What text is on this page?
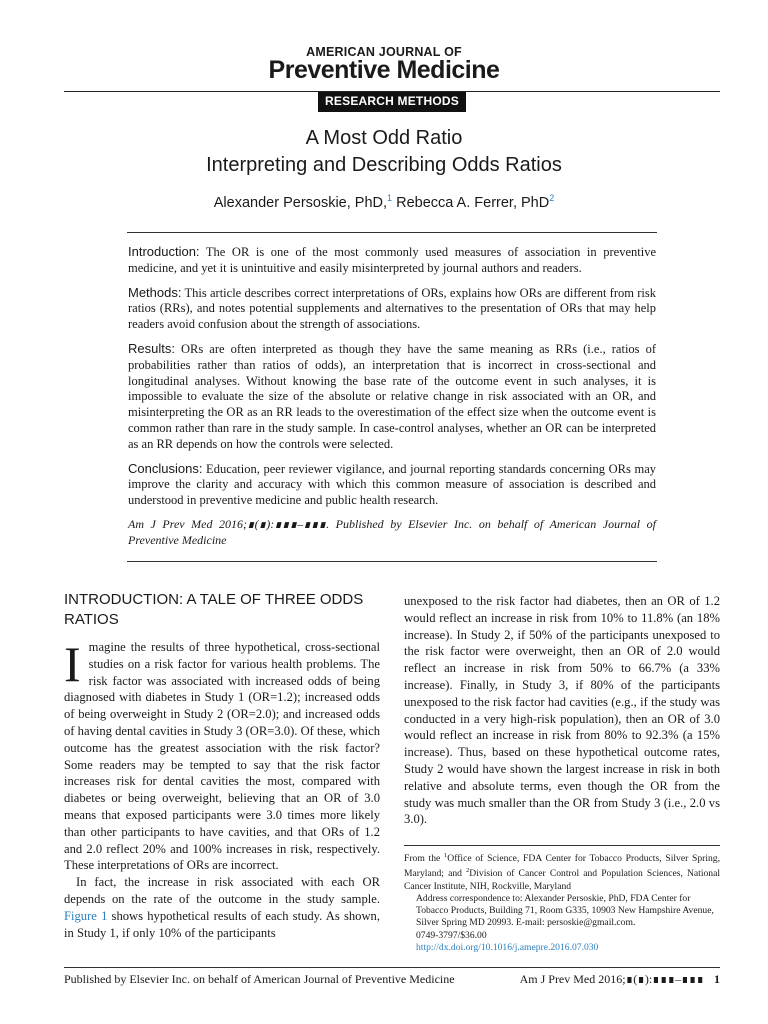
AMERICAN JOURNAL OF
Preventive Medicine
RESEARCH METHODS
A Most Odd Ratio
Interpreting and Describing Odds Ratios
Alexander Persoskie, PhD,$^1$ Rebecca A. Ferrer, PhD$^2$

Introduction: The OR is one of the most commonly used measures of association in preventive medicine, and yet it is unintuitive and easily misinterpreted by journal authors and readers.

Methods: This article describes correct interpretations of ORs, explains how ORs are different from risk ratios (RRs), and notes potential supplements and alternatives to the presentation of ORs that may help readers avoid confusion about the strength of associations.

Results: ORs are often interpreted as though they have the same meaning as RRs (i.e., ratios of probabilities rather than ratios of odds), an interpretation that is incorrect in cross-sectional and longitudinal analyses. Without knowing the base rate of the outcome event in such analyses, it is impossible to evaluate the size of the absolute or relative change in risk associated with an OR, and misinterpreting the OR as an RR leads to the overestimation of the effect size when the outcome event is common rather than rare in the study sample. In case-control analyses, whether an OR can be interpreted as an RR depends on how the controls were selected.

Conclusions: Education, peer reviewer vigilance, and journal reporting standards concerning ORs may improve the clarity and accuracy with which this common measure of association is described and understood in preventive medicine and public health research.

Am J Prev Med 2016;∎(∎):∎∎∎–∎∎∎. Published by Elsevier Inc. on behalf of American Journal of Preventive Medicine

INTRODUCTION: A TALE OF THREE ODDS RATIOS

Imagine the results of three hypothetical, cross-sectional studies on a risk factor for various health problems. The risk factor was associated with increased odds of being diagnosed with diabetes in Study 1 (OR=1.2); increased odds of being overweight in Study 2 (OR=2.0); and increased odds of having dental cavities in Study 3 (OR=3.0). Of these, which outcome has the greatest association with the risk factor? Some readers may be tempted to say that the risk factor increases risk for dental cavities the most, compared with diabetes or being overweight, believing that an OR of 3.0 means that exposed participants were 3.0 times more likely than other participants to have cavities, and that ORs of 1.2 and 2.0 reflect 20% and 100% increases in risk, respectively. These interpretations of ORs are incorrect.

In fact, the increase in risk associated with each OR depends on the rate of the outcome in the study sample. Figure 1 shows hypothetical results of each study. As shown, in Study 1, if only 10% of the participants

unexposed to the risk factor had diabetes, then an OR of 1.2 would reflect an increase in risk from 10% to 11.8% (an 18% increase). In Study 2, if 50% of the participants unexposed to the risk factor were overweight, then an OR of 2.0 would reflect an increase in risk from 50% to 66.7% (a 33% increase). Finally, in Study 3, if 80% of the participants unexposed to the risk factor had cavities (e.g., if the study was conducted in a very high-risk population), then an OR of 3.0 would reflect an increase in risk from 80% to 92.3% (a 15% increase). Thus, based on these hypothetical outcome rates, Study 2 would have shown the largest increase in risk in both relative and absolute terms, even though the OR from the study was much smaller than the OR from Study 3 (i.e., 2.0 vs 3.0).

From the $^1$Office of Science, FDA Center for Tobacco Products, Silver Spring, Maryland; and $^2$Division of Cancer Control and Population Sciences, National Cancer Institute, NIH, Rockville, Maryland

Address correspondence to: Alexander Persoskie, PhD, FDA Center for Tobacco Products, Building 71, Room G335, 10903 New Hampshire Avenue, Silver Spring MD 20993. E-mail: persoskie@gmail.com.

0749-3797/$36.00

http://dx.doi.org/10.1016/j.amepre.2016.07.030

Published by Elsevier Inc. on behalf of American Journal of Preventive Medicine	Am J Prev Med 2016;∎(∎):∎∎∎–∎∎∎ 1
